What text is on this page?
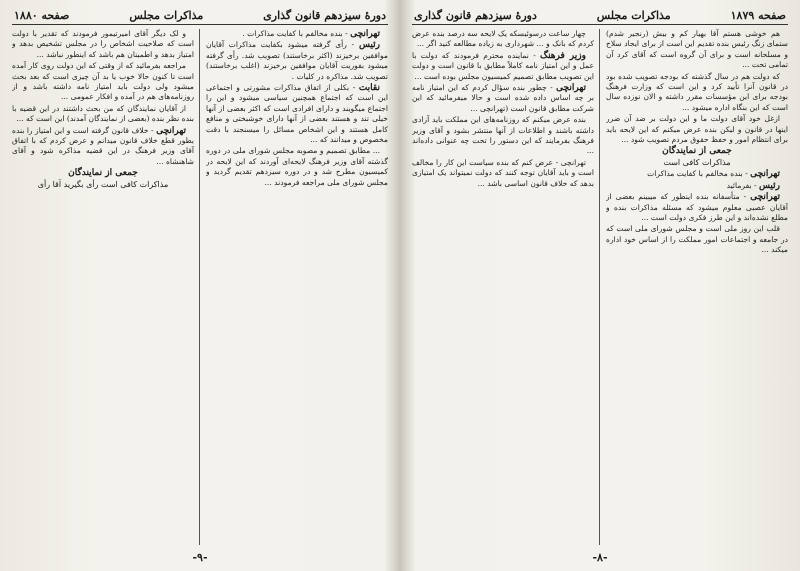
دورهٔ سیزدهم قانون گذاری
مذاکرات مجلس
صفحه ۱۸۸۰

تهرانچی - بنده مخالفم با کفایت مذاکرات .

رئیس - رأی گرفته میشود بکفایت مذاکرات آقایان موافقین برخیزند (اکثر برخاستند) تصویب شد. رأی گرفته میشود بفوریت آقایان موافقین برخیزند (اغلب برخاستند) تصویب شد. مذاکره در کلیات .

نقابت - بکلی از اتفاق مذاکرات مشورتی و اجتماعی این است که اجتماع همچنین سیاسی میشود و این را اجتماع میگویند و دارای افرادی است که اکثر بعضی از آنها خیلی تند و هستند بعضی از آنها دارای خوشبختی و منافع کامل هستند و این اشخاص مسائل را میسنجند با دقت مخصوص و میدانند که ...

... مطابق تصمیم و مصوبه مجلس شورای ملی در دوره گذشته آقای وزیر فرهنگ لایحه‌ای آوردند که این لایحه در کمیسیون مطرح شد و در دوره سیزدهم تقدیم گردید و مجلس شورای ملی مراجعه فرمودند ...

و لک دیگر آقای امیرتیمور فرمودند که تقدیر با دولت است که صلاحیت اشخاص را در مجلس تشخیص بدهد و امتیاز بدهد و اطمینان هم باشد که اینطور نباشد ...

مراجعه بفرمائید که از وقتی که این دولت روی کار آمده است تا کنون حالا خوب یا بد آن چیزی است که بعد بحث میشود ولی دولت باید امتیاز نامه داشته باشد و از روزنامه‌های هم در آمده و افکار عمومی ...

از آقایان نمایندگان که من بحث داشتند در این قضیه با بنده نظر بنده (بعضی از نمایندگان آمدند) این است که ...

تهرانچی - خلاف قانون گرفته است و این امتیاز را بنده بطور قطع خلاف قانون میدانم و عرض کردم که با اتفاق آقای وزیر فرهنگ در این قضیه مذاکره شود و آقای شاهنشاه ...

جمعی از نمایندگان

مذاکرات کافی است رأی بگیرید آقا رأی

-۹-
صفحه ۱۸۷۹
مذاکرات مجلس
دورهٔ سیزدهم قانون گذاری

هم خوشی هستم آقا بهیار کم و بیش (رنجیر شدم) ستمای زنگ رئیس بنده تقدیم این است از برای ایجاد سلاح و مسلحانه است و برای آن گروه است که آقای کرد آن تمامی تحت ...

که دولت هم در سال گذشته که بودجه تصویب شده بود در قانون آنرا تأیید کرد و این است که وزارت فرهنگ بودجه برای این مؤسسات مقرر داشته و الان نوزده سال است که این بنگاه اداره میشود ...

ازغل خود آقای دولت ما و این دولت بر ضد آن ضرر اینها در قانون و لیکن بنده عرض میکنم که این لایحه باید برای انتظام امور و حفظ حقوق مردم تصویب شود ...

جمعی از نمایندگان

مذاکرات کافی است

تهرانچی - بنده مخالفم با کفایت مذاکرات

رئیس - بفرمائید

تهرانچی - متأسفانه بنده اینطور که میبینم بعضی از آقایان عصبی معلوم میشود که مسئله مذاکرات بنده و مطلع نشده‌اند و این طرز فکری دولت است ...

قلب این روز ملی است و مجلس شورای ملی است که در جامعه و اجتماعات امور مملکت را از اساس خود اداره میکند ...

چهار ساعت درسوئیسکه یک لایحه سه درصد بنده عرض کردم که بانک و ... شهرداری به زیاده مطالعه کنید اگر ...

وزیر فرهنگ - نماینده محترم فرمودند که دولت با عمل و این امتیاز نامه کاملاً مطابق با قانون است و دولت این تصویب مطابق تصمیم کمیسیون مجلس بوده است ...

تهرانچی - چطور بنده سؤال کردم که این امتیاز نامه بر چه اساس داده شده است و حالا میفرمائید که این شرکت مطابق قانون است (تهرانچی ...

بنده عرض میکنم که روزنامه‌های این مملکت باید آزادی داشته باشند و اطلاعات از آنها منتشر بشود و آقای وزیر فرهنگ بفرمایند که این دستور را تحت چه عنوانی داده‌اند ...

تهرانچی - عرض کنم که بنده سیاست این کار را مخالف است و باید آقایان توجه کنند که دولت نمیتواند یک امتیازی بدهد که خلاف قانون اساسی باشد ...

-۸-
